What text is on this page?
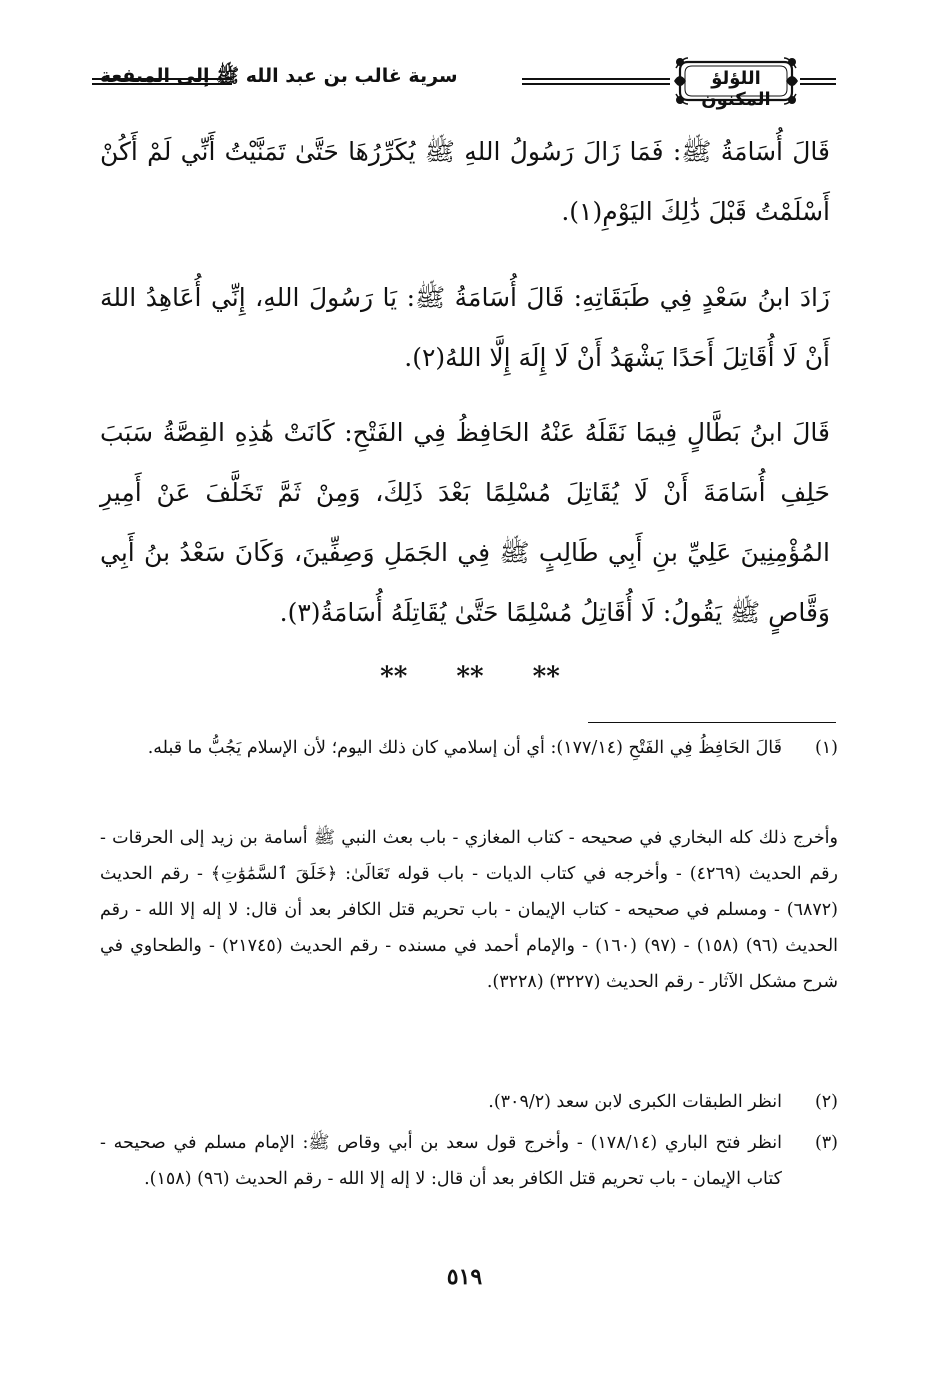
سرية غالب بن عبد الله ﷺ إلى الميفعة	اللؤلؤ المكنون
قَالَ أُسَامَةُ ﷺ: فَمَا زَالَ رَسُولُ اللهِ ﷺ يُكَرِّرُهَا حَتَّىٰ تَمَنَّيْتُ أَنِّي لَمْ أَكُنْ أَسْلَمْتُ قَبْلَ ذَٰلِكَ اليَوْمِ(١).
زَادَ ابنُ سَعْدٍ فِي طَبَقَاتِهِ: قَالَ أُسَامَةُ ﷺ: يَا رَسُولَ اللهِ، إِنِّي أُعَاهِدُ اللهَ أَنْ لَا أُقَاتِلَ أَحَدًا يَشْهَدُ أَنْ لَا إِلَهَ إِلَّا اللهُ(٢).
قَالَ ابنُ بَطَّالٍ فِيمَا نَقَلَهُ عَنْهُ الحَافِظُ فِي الفَتْحِ: كَانَتْ هَٰذِهِ القِصَّةُ سَبَبَ حَلِفِ أُسَامَةَ أَنْ لَا يُقَاتِلَ مُسْلِمًا بَعْدَ ذَلِكَ، وَمِنْ ثَمَّ تَخَلَّفَ عَنْ أَمِيرِ المُؤْمِنِينَ عَلِيِّ بنِ أَبِي طَالِبٍ ﷺ فِي الجَمَلِ وَصِفِّينَ، وَكَانَ سَعْدُ بنُ أَبِي وَقَّاصٍ ﷺ يَقُولُ: لَا أُقَاتِلُ مُسْلِمًا حَتَّىٰ يُقَاتِلَهُ أُسَامَةُ(٣).
** ** **
(١)
قَالَ الحَافِظُ فِي الفَتْحِ (١٧٧/١٤): أي أن إسلامي كان ذلك اليوم؛ لأن الإسلام يَجُبُّ ما قبله.
وأخرج ذلك كله البخاري في صحيحه - كتاب المغازي - باب بعث النبي ﷺ أسامة بن زيد إلى الحرقات - رقم الحديث (٤٢٦٩) - وأخرجه في كتاب الديات - باب قوله تَعَالَىٰ: ﴿خَلَقَ ٱلسَّمَٰوَٰتِ﴾ - رقم الحديث (٦٨٧٢) - ومسلم في صحيحه - كتاب الإيمان - باب تحريم قتل الكافر بعد أن قال: لا إله إلا الله - رقم الحديث (٩٦) (١٥٨) - (٩٧) (١٦٠) - والإمام أحمد في مسنده - رقم الحديث (٢١٧٤٥) - والطحاوي في شرح مشكل الآثار - رقم الحديث (٣٢٢٧) (٣٢٢٨).
(٢)
انظر الطبقات الكبرى لابن سعد (٣٠٩/٢).
(٣)
انظر فتح الباري (١٧٨/١٤) - وأخرج قول سعد بن أبي وقاص ﷺ: الإمام مسلم في صحيحه - كتاب الإيمان - باب تحريم قتل الكافر بعد أن قال: لا إله إلا الله - رقم الحديث (٩٦) (١٥٨).
٥١٩
